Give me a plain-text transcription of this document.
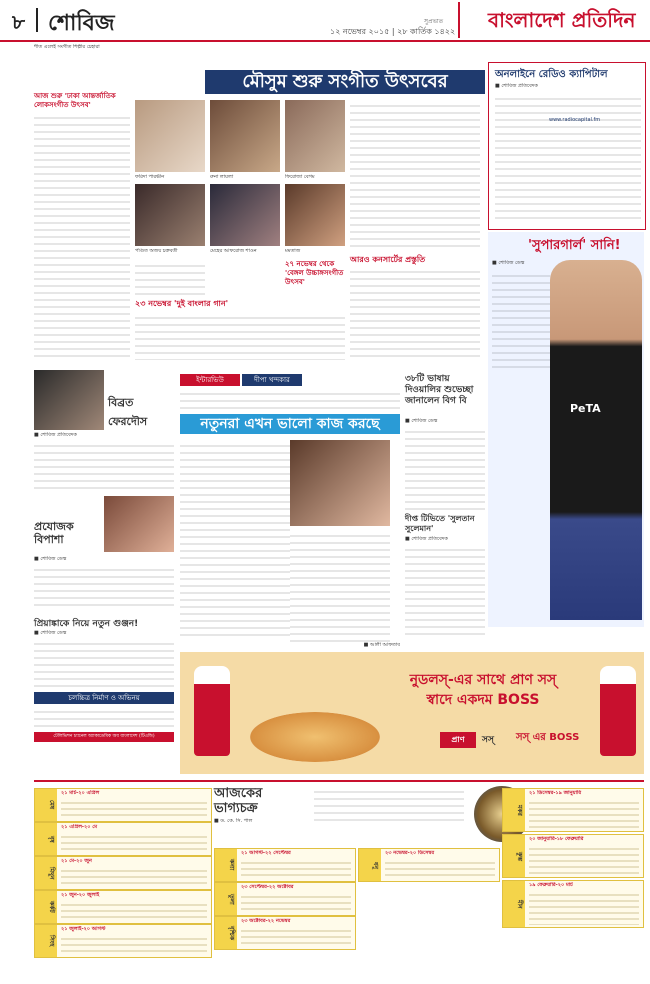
৮ শোবিজ	সুপ্রভাত
১২ নভেম্বর ২০১৫ | ২৮ কার্তিক ১৪২২ বাংলাদেশ প্রতিদিন
শীত এলেই সংগীত শিল্পীর চেহারা
আজ শুরু 'ঢাকা আন্তর্জাতিক লোকসংগীত উৎসব'
মৌসুম শুরু সংগীত উৎসবের
ফরিদা পারভীন	রুনা লায়লা	ফিরোজা বেগম
পণ্ডিত অজয় চক্রবর্তী	মমতাজ
মেহের আফরোজ শাওন
২৩ নভেম্বর 'দুই বাংলার গান'
আরও কনসার্টের প্রস্তুতি
২৭ নভেম্বর থেকে 'বেঙ্গল উচ্চাঙ্গসংগীত উৎসব'
অনলাইনে রেডিও ক্যাপিটাল
■ শোবিজ প্রতিবেদক
www.radiocapital.fm
'সুপারগার্ল' সানি!
■ শোবিজ ডেস্ক
PeTA
ইন্টারভিউ	দীপা খন্দকার
নতুনরা এখন ভালো কাজ করছে
■ আলী আফতাব
বিব্রত ফেরদৌস
■ শোবিজ প্রতিবেদক
প্রযোজক বিপাশা
■ শোবিজ ডেস্ক
প্রিয়াঙ্কাকে নিয়ে নতুন গুঞ্জন!
■ শোবিজ ডেস্ক
চলচ্চিত্র নির্মাণ ও অভিনয়
টেলিভিশন চ্যানেল অ্যাকাডেমিক অব বাংলাদেশ (টিএন্ডি)
৩৮টি ভাষায় দিওয়ালির শুভেচ্ছা জানালেন বিগ বি
■ শোবিজ ডেস্ক
দীপ্ত টিভিতে 'সুলতান সুলেমান'
■ শোবিজ প্রতিবেদক
নুডলস্-এর সাথে প্রাণ সস্
স্বাদে একদম BOSS
প্রাণ	সস্	সস্ এর BOSS
আজকের ভাগ্যচক্র
■ ড. কে. সি. পাল
মেষ
২১ মার্চ-২০ এপ্রিল
বৃষ
২১ এপ্রিল-২০ মে
মিথুন
২১ মে-২০ জুন
কর্কট
২১ জুন-২০ জুলাই
সিংহ
২১ জুলাই-২০ আগস্ট
কন্যা
২১ আগস্ট-২২ সেপ্টেম্বর
তুলা
২৩ সেপ্টেম্বর-২২ অক্টোবর
বৃশ্চিক
২৩ অক্টোবর-২২ নভেম্বর
ধনু
২৩ নভেম্বর-২০ ডিসেম্বর
মকর
২১ ডিসেম্বর-১৯ জানুয়ারি
কুম্ভ
২০ জানুয়ারি-১৮ ফেব্রুয়ারি
মীন
১৯ ফেব্রুয়ারি-২০ মার্চ
